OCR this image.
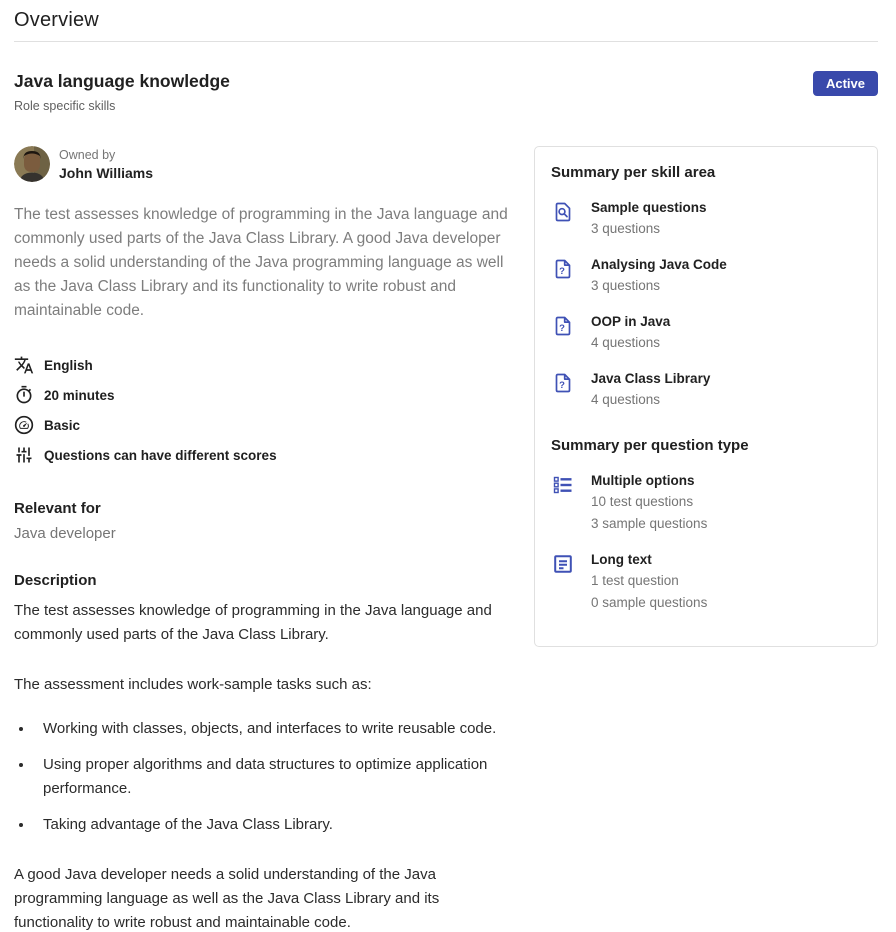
Overview
Java language knowledge
Role specific skills
Active
Owned by
John Williams
The test assesses knowledge of programming in the Java language and commonly used parts of the Java Class Library. A good Java developer needs a solid understanding of the Java programming language as well as the Java Class Library and its functionality to write robust and maintainable code.
English
20 minutes
Basic
Questions can have different scores
Relevant for
Java developer
Description

The test assesses knowledge of programming in the Java language and commonly used parts of the Java Class Library.

The assessment includes work-sample tasks such as:

• Working with classes, objects, and interfaces to write reusable code.
• Using proper algorithms and data structures to optimize application performance.
• Taking advantage of the Java Class Library.

A good Java developer needs a solid understanding of the Java programming language as well as the Java Class Library and its functionality to write robust and maintainable code.

Summary per skill area
Sample questions
3 questions
? Analysing Java Code
3 questions
? OOP in Java
4 questions
? Java Class Library
4 questions
Summary per question type
Multiple options
10 test questions
3 sample questions
Long text
1 test question
0 sample questions
